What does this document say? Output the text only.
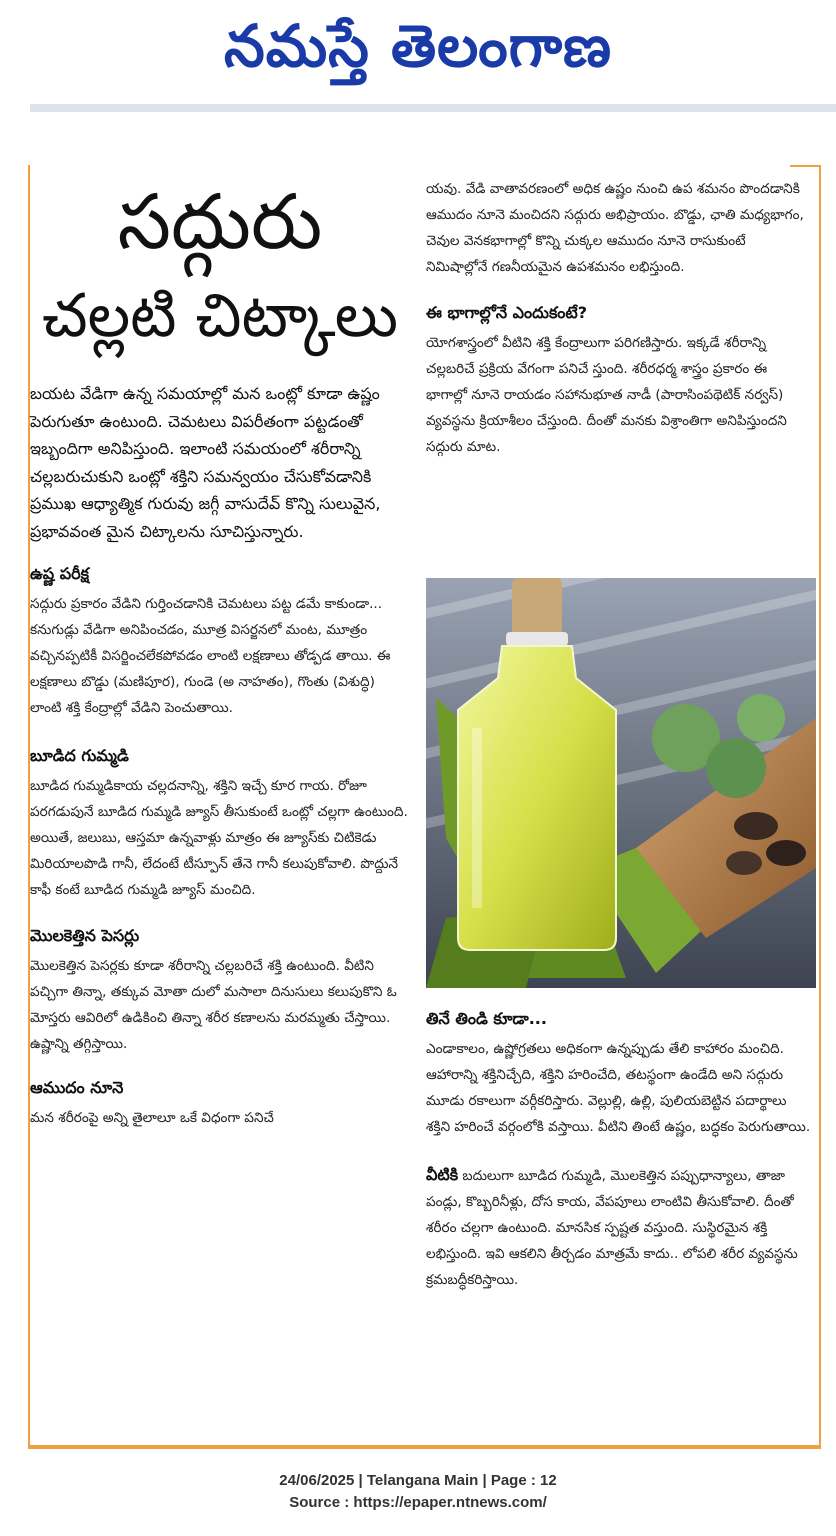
నమస్తే తెలంగాణ
సద్గురు
చల్లటి చిట్కాలు

బయట వేడిగా ఉన్న సమయాల్లో మన ఒంట్లో కూడా ఉష్ణం పెరుగుతూ ఉంటుంది. చెమటలు విపరీతంగా పట్టడంతో ఇబ్బందిగా అనిపిస్తుంది. ఇలాంటి సమయంలో శరీరాన్ని చల్లబరుచుకుని ఒంట్లో శక్తిని సమన్వయం చేసుకోవడానికి ప్రముఖ ఆధ్యాత్మిక గురువు జగ్గీ వాసుదేవ్ కొన్ని సులువైన, ప్రభావవంత మైన చిట్కాలను సూచిస్తున్నారు.

ఉష్ణ పరీక్ష

సద్గురు ప్రకారం వేడిని గుర్తించడానికి చెమటలు పట్ట డమే కాకుండా... కనుగుడ్లు వేడిగా అనిపించడం, మూత్ర విసర్జనలో మంట, మూత్రం వచ్చినప్పటికీ విసర్జించలేకపోవడం లాంటి లక్షణాలు తోడ్పడ తాయి. ఈ లక్షణాలు బొడ్డు (మణిపూర), గుండె (అ నాహతం), గొంతు (విశుద్ధి) లాంటి శక్తి కేంద్రాల్లో వేడిని పెంచుతాయి.

బూడిద గుమ్మడి

బూడిద గుమ్మడికాయ చల్లదనాన్ని, శక్తిని ఇచ్చే కూర గాయ. రోజూ పరగడుపునే బూడిద గుమ్మడి జ్యూస్ తీసుకుంటే ఒంట్లో చల్లగా ఉంటుంది. అయితే, జలుబు, ఆస్తమా ఉన్నవాళ్లు మాత్రం ఈ జ్యూస్‌కు చిటికెడు మిరియాలపొడి గానీ, లేదంటే టీస్పూన్ తేనె గానీ కలుపుకోవాలి. పొద్దునే కాఫీ కంటే బూడిద గుమ్మడి జ్యూస్ మంచిది.

మొలకెత్తిన పెసర్లు

మొలకెత్తిన పెసర్లకు కూడా శరీరాన్ని చల్లబరిచే శక్తి ఉంటుంది. వీటిని పచ్చిగా తిన్నా, తక్కువ మోతా దులో మసాలా దినుసులు కలుపుకొని ఓ మోస్తరు ఆవిరిలో ఉడికించి తిన్నా శరీర కణాలను మరమ్మతు చేస్తాయి. ఉష్ణాన్ని తగ్గిస్తాయి.

ఆముదం నూనె

మన శరీరంపై అన్ని తైలాలూ ఒకే విధంగా పనిచే

యవు. వేడి వాతావరణంలో అధిక ఉష్ణం నుంచి ఉప శమనం పొందడానికి ఆముదం నూనె మంచిదని సద్గురు అభిప్రాయం. బొడ్డు, ఛాతి మధ్యభాగం, చెవుల వెనకభాగాల్లో కొన్ని చుక్కల ఆముదం నూనె రాసుకుంటే నిమిషాల్లోనే గణనీయమైన ఉపశమనం లభిస్తుంది.

ఈ భాగాల్లోనే ఎందుకంటే?

యోగశాస్త్రంలో వీటిని శక్తి కేంద్రాలుగా పరిగణిస్తారు. ఇక్కడే శరీరాన్ని చల్లబరిచే ప్రక్రియ వేగంగా పనిచే స్తుంది. శరీరధర్మ శాస్త్రం ప్రకారం ఈ భాగాల్లో నూనె రాయడం సహానుభూత నాడీ (పారాసింపథెటిక్ నర్వస్) వ్యవస్థను క్రియాశీలం చేస్తుంది. దీంతో మనకు విశ్రాంతిగా అనిపిస్తుందని సద్గురు మాట.

తినే తిండి కూడా...

ఎండాకాలం, ఉష్ణోగ్రతలు అధికంగా ఉన్నప్పుడు తేలి కాహారం మంచిది. ఆహారాన్ని శక్తినిచ్చేది, శక్తిని హరించేది, తటస్థంగా ఉండేది అని సద్గురు మూడు రకాలుగా వర్గీకరిస్తారు. వెల్లుల్లి, ఉల్లి, పులియబెట్టిన పదార్థాలు శక్తిని హరించే వర్గంలోకి వస్తాయి. వీటిని తింటే ఉష్ణం, బద్ధకం పెరుగుతాయి.

వీటికి బదులుగా బూడిద గుమ్మడి, మొలకెత్తిన పప్పుధాన్యాలు, తాజా పండ్లు, కొబ్బరినీళ్లు, దోస కాయ, వేపపూలు లాంటివి తీసుకోవాలి. దీంతో శరీరం చల్లగా ఉంటుంది. మానసిక స్పష్టత వస్తుంది. సుస్థిరమైన శక్తి లభిస్తుంది. ఇవి ఆకలిని తీర్చడం మాత్రమే కాదు.. లోపలి శరీర వ్యవస్థను క్రమబద్ధీకరిస్తాయి.

24/06/2025 | Telangana Main | Page : 12
Source : https://epaper.ntnews.com/
